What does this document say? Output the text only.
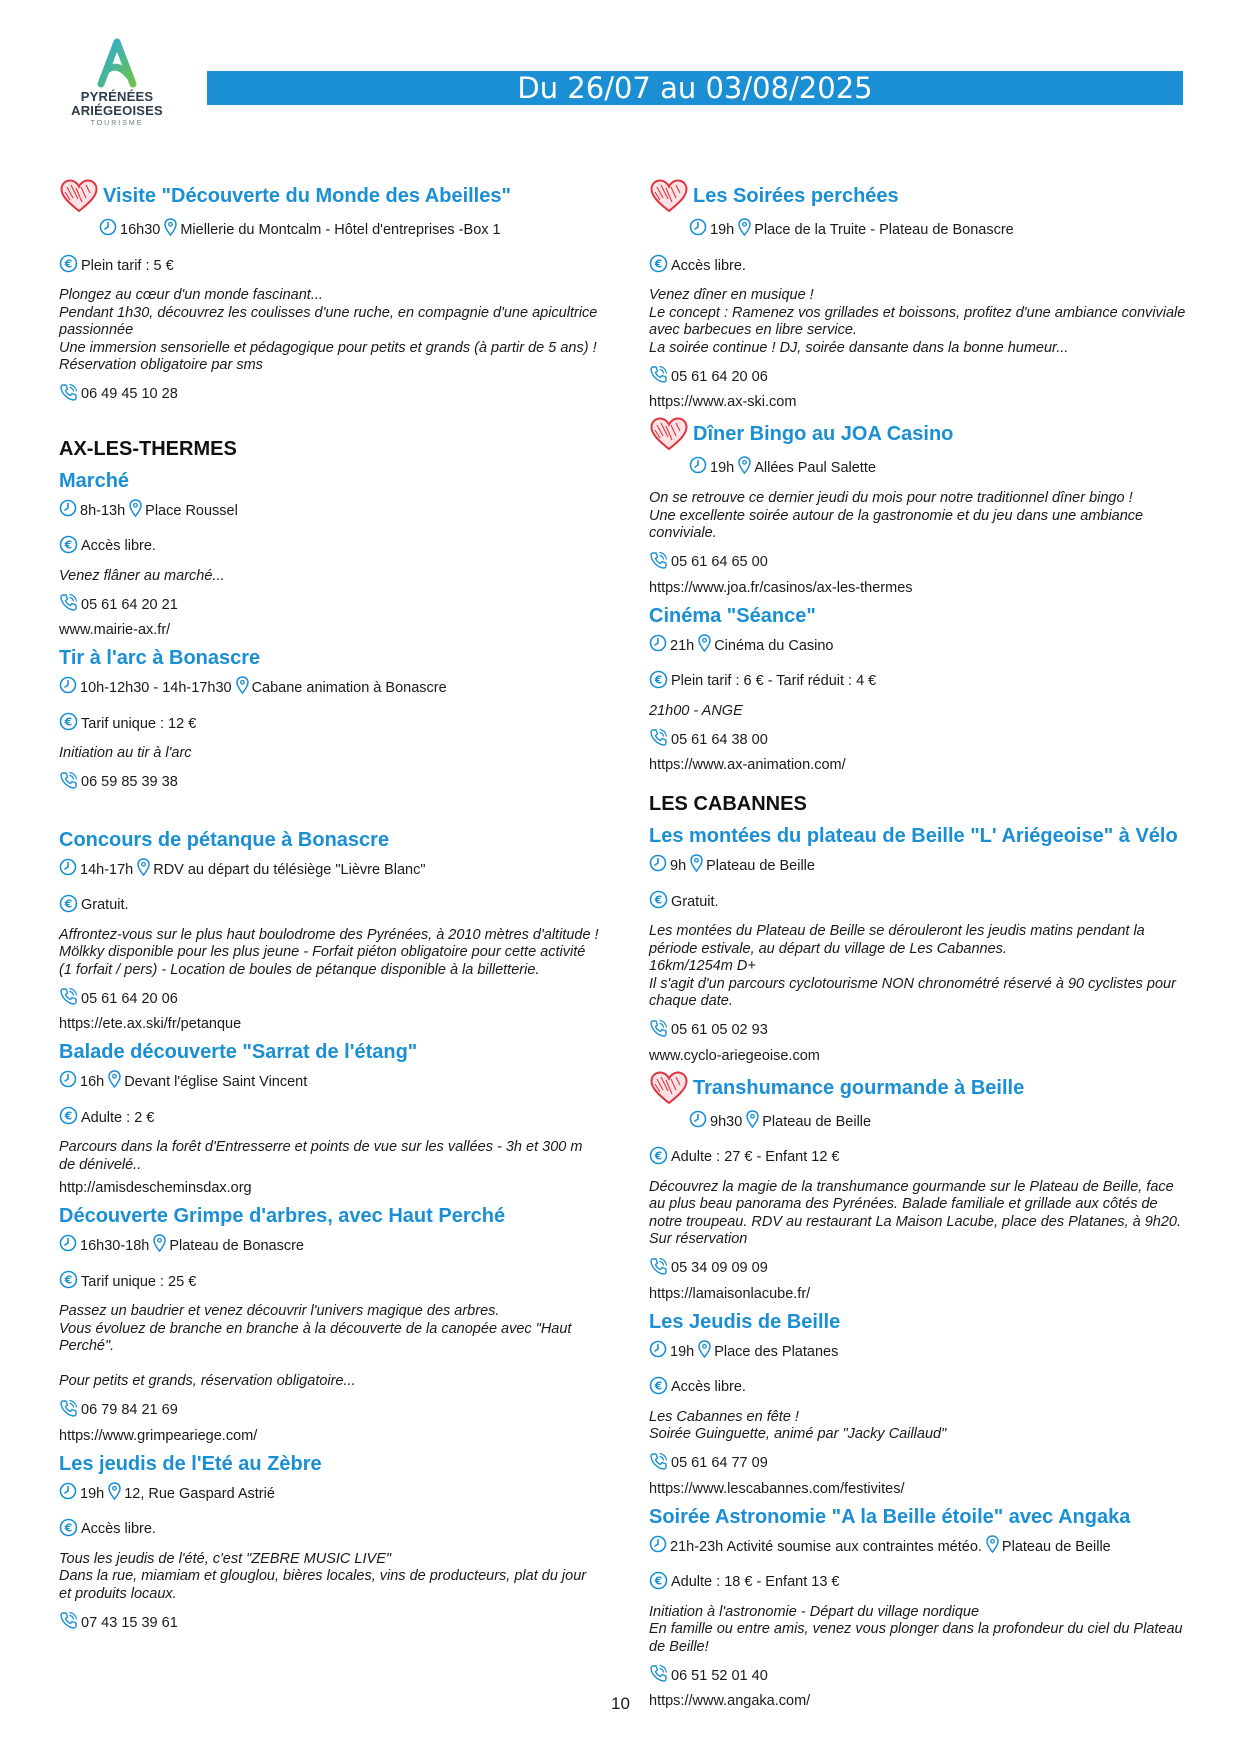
PYRÉNÉES
ARIÉGEOISES
TOURISME
Du 26/07 au 03/08/2025
Visite "Découverte du Monde des Abeilles"
16h30 Miellerie du Montcalm - Hôtel d'entreprises -Box 1
€ Plein tarif : 5 €
Plongez au cœur d'un monde fascinant...
Pendant 1h30, découvrez les coulisses d'une ruche, en compagnie d'une apicultrice passionnée
Une immersion sensorielle et pédagogique pour petits et grands (à partir de 5 ans) !
Réservation obligatoire par sms
06 49 45 10 28
AX-LES-THERMES
Marché
8h-13h Place Roussel
€ Accès libre.
Venez flâner au marché...
05 61 64 20 21
www.mairie-ax.fr/
Tir à l'arc à Bonascre
10h-12h30 - 14h-17h30 Cabane animation à Bonascre
€ Tarif unique : 12 €
Initiation au tir à l'arc
06 59 85 39 38
Concours de pétanque à Bonascre
14h-17h RDV au départ du télésiège "Lièvre Blanc"
€ Gratuit.
Affrontez-vous sur le plus haut boulodrome des Pyrénées, à 2010 mètres d'altitude !
Mölkky disponible pour les plus jeune - Forfait piéton obligatoire pour cette activité (1 forfait / pers) - Location de boules de pétanque disponible à la billetterie.
05 61 64 20 06
https://ete.ax.ski/fr/petanque
Balade découverte "Sarrat de l'étang"
16h Devant l'église Saint Vincent
€ Adulte : 2 €
Parcours dans la forêt d'Entresserre et points de vue sur les vallées - 3h et 300 m de dénivelé..
http://amisdescheminsdax.org
Découverte Grimpe d'arbres, avec Haut Perché
16h30-18h Plateau de Bonascre
€ Tarif unique : 25 €
Passez un baudrier et venez découvrir l'univers magique des arbres.
Vous évoluez de branche en branche à la découverte de la canopée avec "Haut Perché".

Pour petits et grands, réservation obligatoire...
06 79 84 21 69
https://www.grimpeariege.com/
Les jeudis de l'Eté au Zèbre
19h 12, Rue Gaspard Astrié
€ Accès libre.
Tous les jeudis de l'été, c'est "ZEBRE MUSIC LIVE"
Dans la rue, miamiam et glouglou, bières locales, vins de producteurs, plat du jour et produits locaux.
07 43 15 39 61
Les Soirées perchées
19h Place de la Truite - Plateau de Bonascre
€ Accès libre.
Venez dîner en musique !
Le concept : Ramenez vos grillades et boissons, profitez d'une ambiance conviviale avec barbecues en libre service.
La soirée continue ! DJ, soirée dansante dans la bonne humeur...
05 61 64 20 06
https://www.ax-ski.com
Dîner Bingo au JOA Casino
19h Allées Paul Salette
On se retrouve ce dernier jeudi du mois pour notre traditionnel dîner bingo !
Une excellente soirée autour de la gastronomie et du jeu dans une ambiance conviviale.
05 61 64 65 00
https://www.joa.fr/casinos/ax-les-thermes
Cinéma "Séance"
21h Cinéma du Casino
€ Plein tarif : 6 € - Tarif réduit : 4 €
21h00 - ANGE
05 61 64 38 00
https://www.ax-animation.com/
LES CABANNES
Les montées du plateau de Beille "L' Ariégeoise" à Vélo
9h Plateau de Beille
€ Gratuit.
Les montées du Plateau de Beille se dérouleront les jeudis matins pendant la période estivale, au départ du village de Les Cabannes.
16km/1254m D+
Il s'agit d'un parcours cyclotourisme NON chronométré réservé à 90 cyclistes pour chaque date.
05 61 05 02 93
www.cyclo-ariegeoise.com
Transhumance gourmande à Beille
9h30 Plateau de Beille
€ Adulte : 27 € - Enfant 12 €
Découvrez la magie de la transhumance gourmande sur le Plateau de Beille, face au plus beau panorama des Pyrénées. Balade familiale et grillade aux côtés de notre troupeau. RDV au restaurant La Maison Lacube, place des Platanes, à 9h20. Sur réservation
05 34 09 09 09
https://lamaisonlacube.fr/
Les Jeudis de Beille
19h Place des Platanes
€ Accès libre.
Les Cabannes en fête !
Soirée Guinguette, animé par "Jacky Caillaud"
05 61 64 77 09
https://www.lescabannes.com/festivites/
Soirée Astronomie "A la Beille étoile" avec Angaka
21h-23h Activité soumise aux contraintes météo. Plateau de Beille
€ Adulte : 18 € - Enfant 13 €
Initiation à l'astronomie - Départ du village nordique
En famille ou entre amis, venez vous plonger dans la profondeur du ciel du Plateau de Beille!
06 51 52 01 40
https://www.angaka.com/
10
